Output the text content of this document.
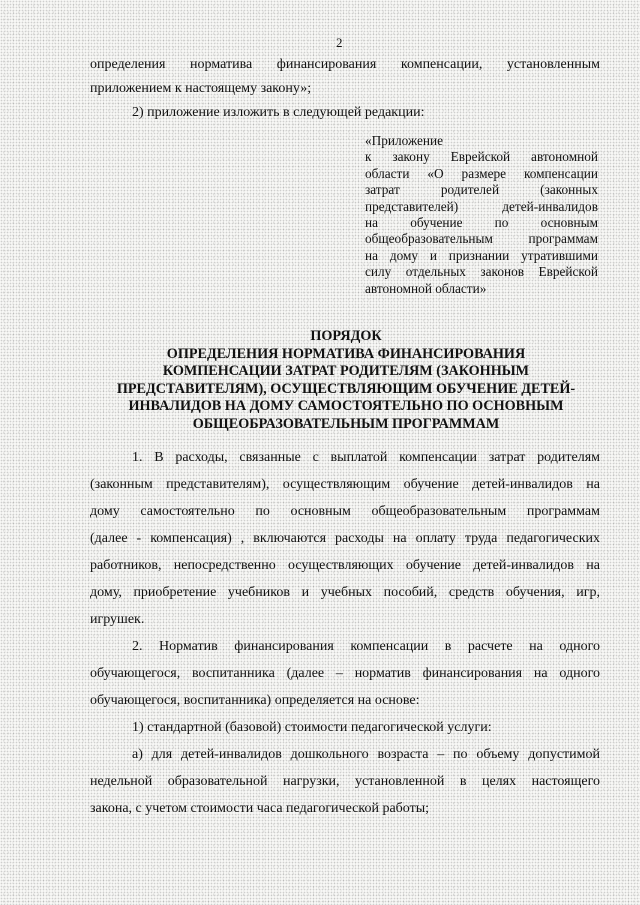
2
определения норматива финансирования компенсации, установленным
приложением к настоящему закону»;
2) приложение изложить в следующей редакции:
«Приложение
к закону Еврейской автономной
области «О размере компенсации
затрат родителей (законных
представителей) детей-инвалидов
на обучение по основным
общеобразовательным программам
на дому и признании утратившими
силу отдельных законов Еврейской
автономной области»
ПОРЯДОК
ОПРЕДЕЛЕНИЯ НОРМАТИВА ФИНАНСИРОВАНИЯ
КОМПЕНСАЦИИ ЗАТРАТ РОДИТЕЛЯМ (ЗАКОННЫМ
ПРЕДСТАВИТЕЛЯМ), ОСУЩЕСТВЛЯЮЩИМ ОБУЧЕНИЕ ДЕТЕЙ-
ИНВАЛИДОВ НА ДОМУ САМОСТОЯТЕЛЬНО ПО ОСНОВНЫМ
ОБЩЕОБРАЗОВАТЕЛЬНЫМ ПРОГРАММАМ
1. В расходы, связанные с выплатой компенсации затрат родителям
(законным представителям), осуществляющим обучение детей-инвалидов на
дому самостоятельно по основным общеобразовательным программам
(далее - компенсация) , включаются расходы на оплату труда педагогических
работников, непосредственно осуществляющих обучение детей-инвалидов на
дому, приобретение учебников и учебных пособий, средств обучения, игр,
игрушек.
2. Норматив финансирования компенсации в расчете на одного
обучающегося, воспитанника (далее – норматив финансирования на одного
обучающегося, воспитанника) определяется на основе:
1) стандартной (базовой) стоимости педагогической услуги:
а) для детей-инвалидов дошкольного возраста – по объему допустимой
недельной образовательной нагрузки, установленной в целях настоящего
закона, с учетом стоимости часа педагогической работы;
